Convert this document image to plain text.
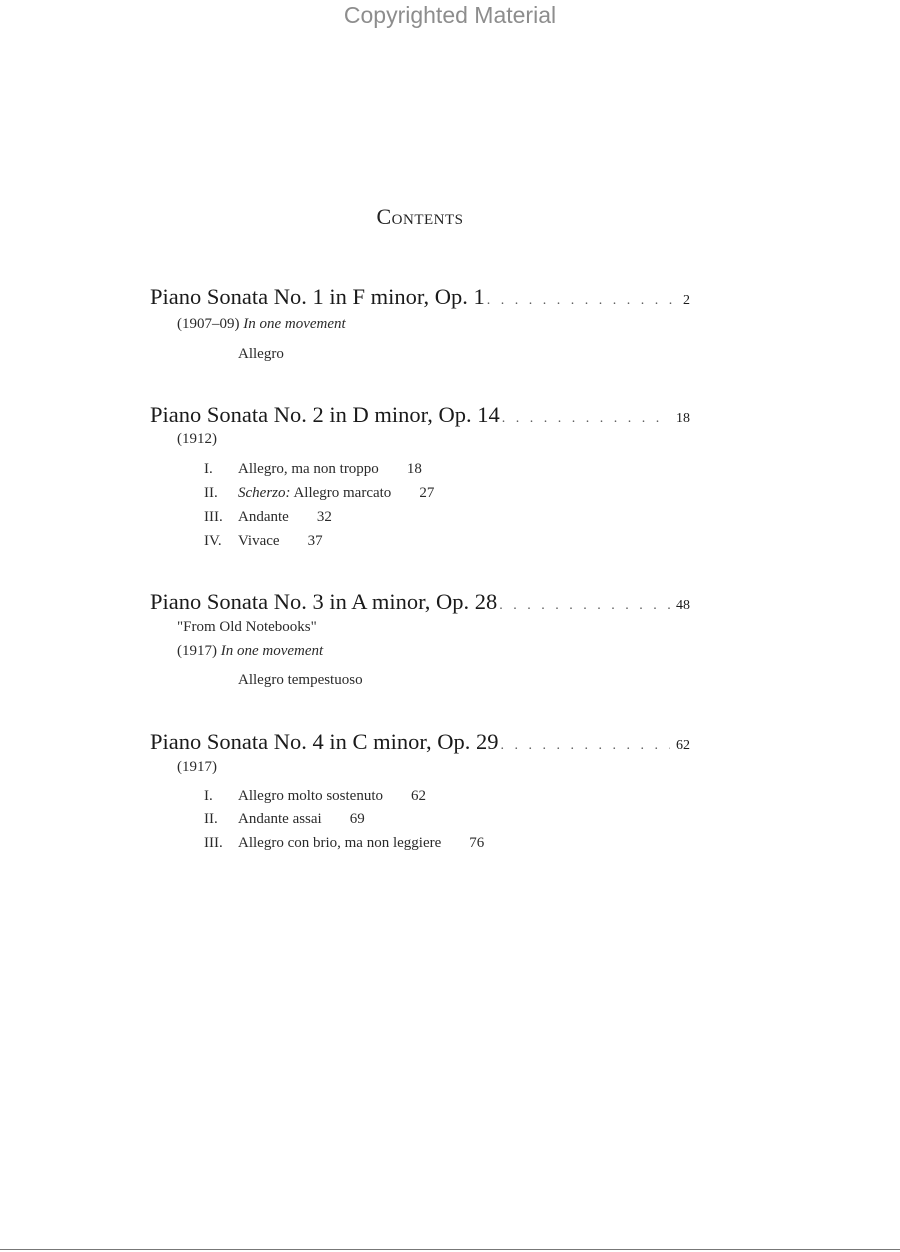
Copyrighted Material
Contents
Piano Sonata No. 1 in F minor, Op. 1 . . .	2
(1907–09) In one movement
Allegro
Piano Sonata No. 2 in D minor, Op. 14 . . .	18
(1912)
I. Allegro, ma non troppo 18
II. Scherzo: Allegro marcato 27
III. Andante 32
IV. Vivace 37
Piano Sonata No. 3 in A minor, Op. 28 . . .	48
"From Old Notebooks"
(1917) In one movement
Allegro tempestuoso
Piano Sonata No. 4 in C minor, Op. 29 . . .	62
(1917)
I. Allegro molto sostenuto 62
II. Andante assai 69
III. Allegro con brio, ma non leggiere 76
